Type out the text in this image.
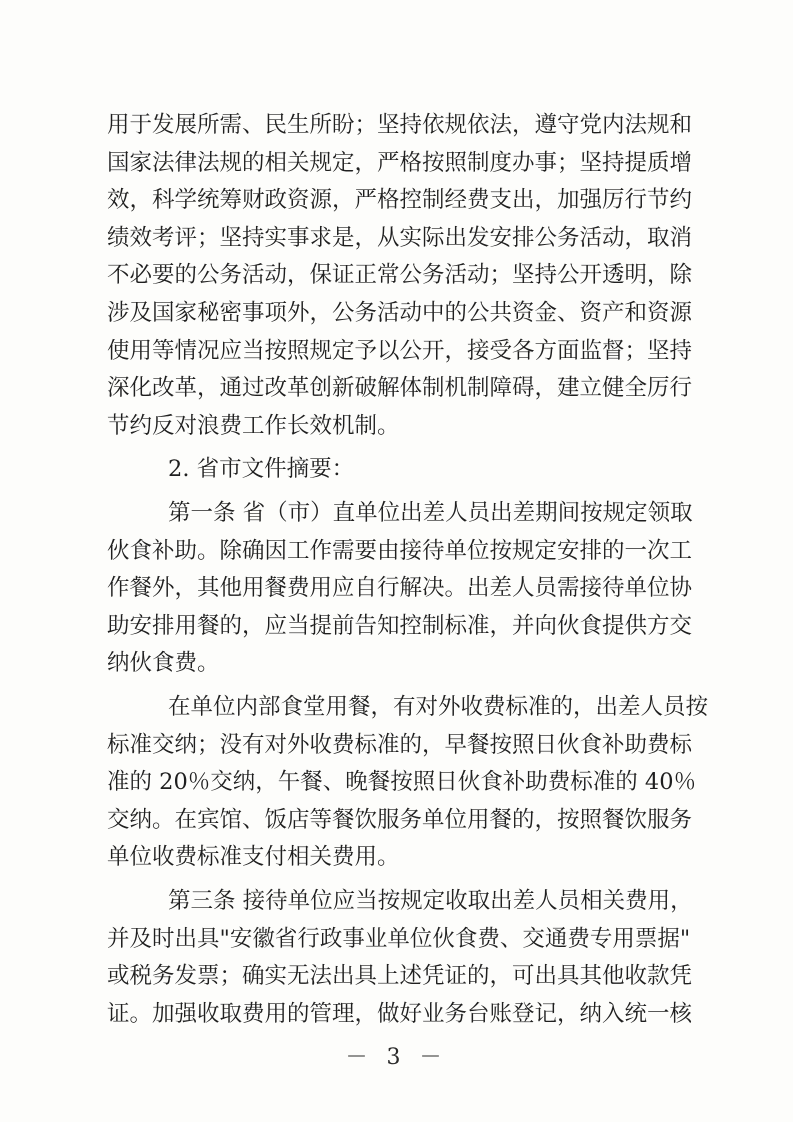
用于发展所需、民生所盼；坚持依规依法，遵守党内法规和
国家法律法规的相关规定，严格按照制度办事；坚持提质增
效，科学统筹财政资源，严格控制经费支出，加强厉行节约
绩效考评；坚持实事求是，从实际出发安排公务活动，取消
不必要的公务活动，保证正常公务活动；坚持公开透明，除
涉及国家秘密事项外，公务活动中的公共资金、资产和资源
使用等情况应当按照规定予以公开，接受各方面监督；坚持
深化改革，通过改革创新破解体制机制障碍，建立健全厉行
节约反对浪费工作长效机制。
2. 省市文件摘要：
第一条 省（市）直单位出差人员出差期间按规定领取
伙食补助。除确因工作需要由接待单位按规定安排的一次工
作餐外，其他用餐费用应自行解决。出差人员需接待单位协
助安排用餐的，应当提前告知控制标准，并向伙食提供方交
纳伙食费。
在单位内部食堂用餐，有对外收费标准的，出差人员按
标准交纳；没有对外收费标准的，早餐按照日伙食补助费标
准的 20％交纳，午餐、晚餐按照日伙食补助费标准的 40％
交纳。在宾馆、饭店等餐饮服务单位用餐的，按照餐饮服务
单位收费标准支付相关费用。
第三条 接待单位应当按规定收取出差人员相关费用，
并及时出具"安徽省行政事业单位伙食费、交通费专用票据"
或税务发票；确实无法出具上述凭证的，可出具其他收款凭
证。加强收取费用的管理，做好业务台账登记，纳入统一核
－ 3 －
